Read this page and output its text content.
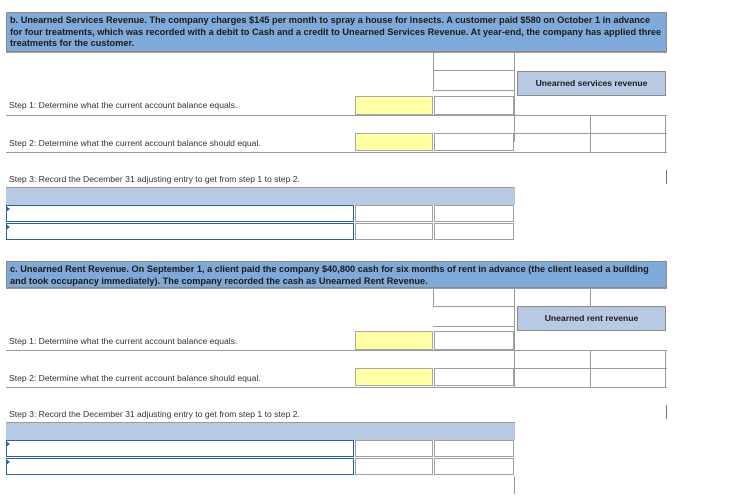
b. Unearned Services Revenue. The company charges $145 per month to spray a house for insects. A customer paid $580 on October 1 in advance for four treatments, which was recorded with a debit to Cash and a credit to Unearned Services Revenue. At year-end, the company has applied three treatments for the customer.
Unearned services revenue
Step 1: Determine what the current account balance equals.
Step 2: Determine what the current account balance should equal.
Step 3: Record the December 31 adjusting entry to get from step 1 to step 2.
c. Unearned Rent Revenue. On September 1, a client paid the company $40,800 cash for six months of rent in advance (the client leased a building and took occupancy immediately). The company recorded the cash as Unearned Rent Revenue.
Unearned rent revenue
Step 1: Determine what the current account balance equals.
Step 2: Determine what the current account balance should equal.
Step 3: Record the December 31 adjusting entry to get from step 1 to step 2.
